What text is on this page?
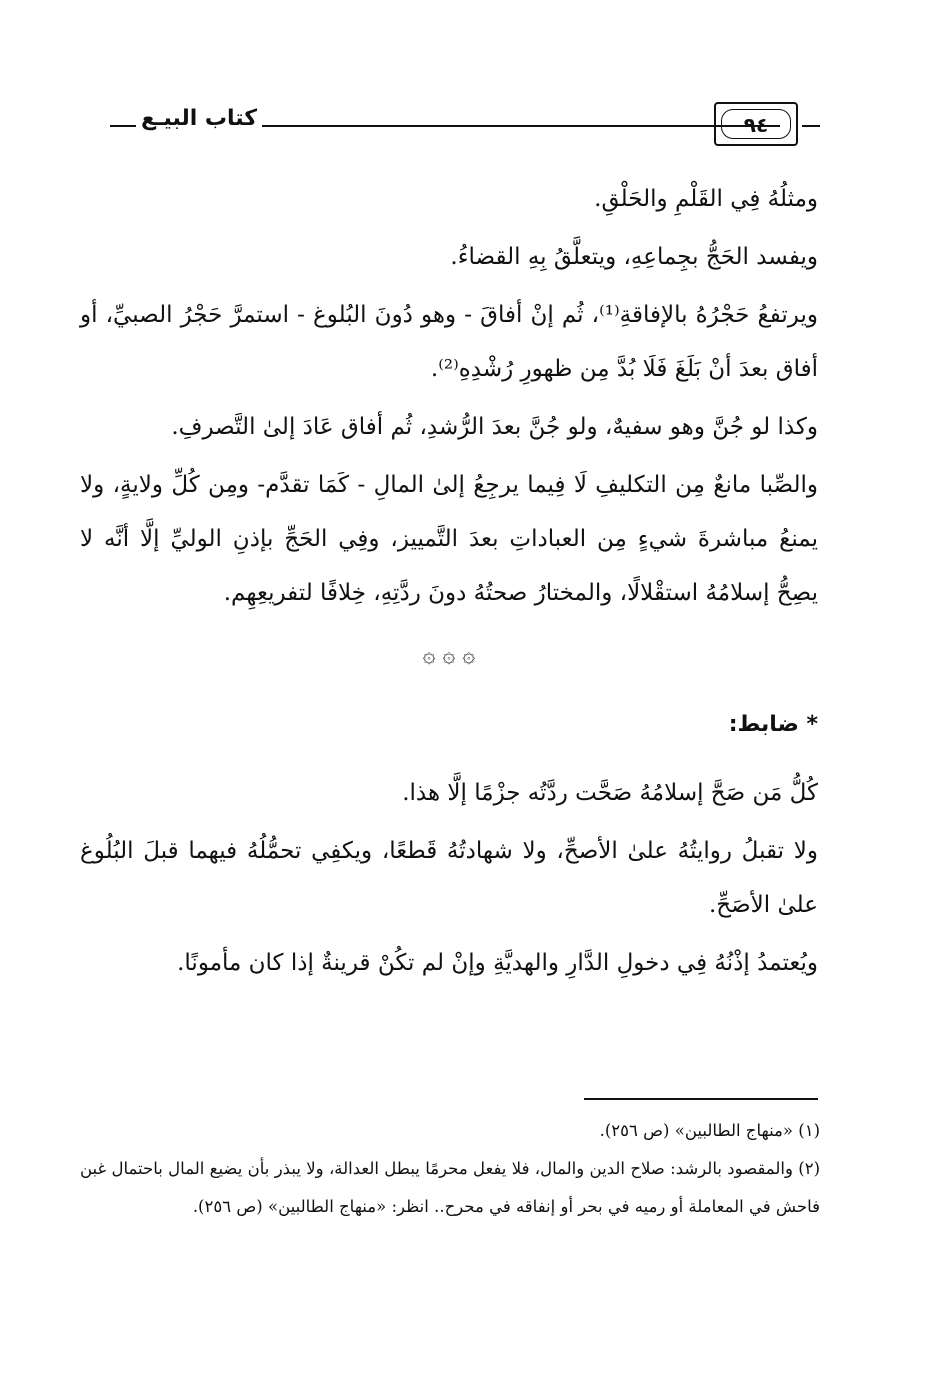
كتاب البيـع	٩٤

ومثلُهُ فِي القَلْمِ والحَلْقِ.

ويفسد الحَجُّ بجِماعِهِ، ويتعلَّقُ بِهِ القضاءُ.

ويرتفعُ حَجْرُهُ بالإفاقةِ⁽¹⁾، ثُم إنْ أفاقَ - وهو دُونَ البُلوغ - استمرَّ حَجْرُ الصبيِّ، أو أفاق بعدَ أنْ بَلَغَ فَلَا بُدَّ مِن ظهورِ رُشْدِهِ⁽²⁾.

وكذا لو جُنَّ وهو سفيهٌ، ولو جُنَّ بعدَ الرُّشدِ، ثُم أفاق عَادَ إلىٰ التَّصرفِ.

والصِّبا مانعٌ مِن التكليفِ لَا فِيما يرجِعُ إلىٰ المالِ - كَمَا تقدَّم- ومِن كُلِّ ولايةٍ، ولا يمنعُ مباشرةَ شيءٍ مِن العباداتِ بعدَ التَّمييز، وفِي الحَجِّ بإذنِ الوليِّ إلَّا أنَّه لا يصِحُّ إسلامُهُ استقْلالًا، والمختارُ صحتُهُ دونَ ردَّتِهِ، خِلافًا لتفريعِهِم.

۞ ۞ ۞

* ضابط:

كُلُّ مَن صَحَّ إسلامُهُ صَحَّت ردَّتُه جزْمًا إلَّا هذا.

ولا تقبلُ روايتُهُ علىٰ الأصحِّ، ولا شهادتُهُ قَطعًا، ويكفِي تحمُّلُهُ فيهما قبلَ البُلُوغ علىٰ الأصَحِّ.

ويُعتمدُ إذْنُهُ فِي دخولِ الدَّارِ والهديَّةِ وإنْ لم تكُنْ قرينةٌ إذا كان مأمونًا.

(١) «منهاج الطالبين» (ص ٢٥٦).

(٢) والمقصود بالرشد: صلاح الدين والمال، فلا يفعل محرمًا يبطل العدالة، ولا يبذر بأن يضيع المال باحتمال غبن فاحش في المعاملة أو رميه في بحر أو إنفاقه في محرح.. انظر: «منهاج الطالبين» (ص ٢٥٦).
